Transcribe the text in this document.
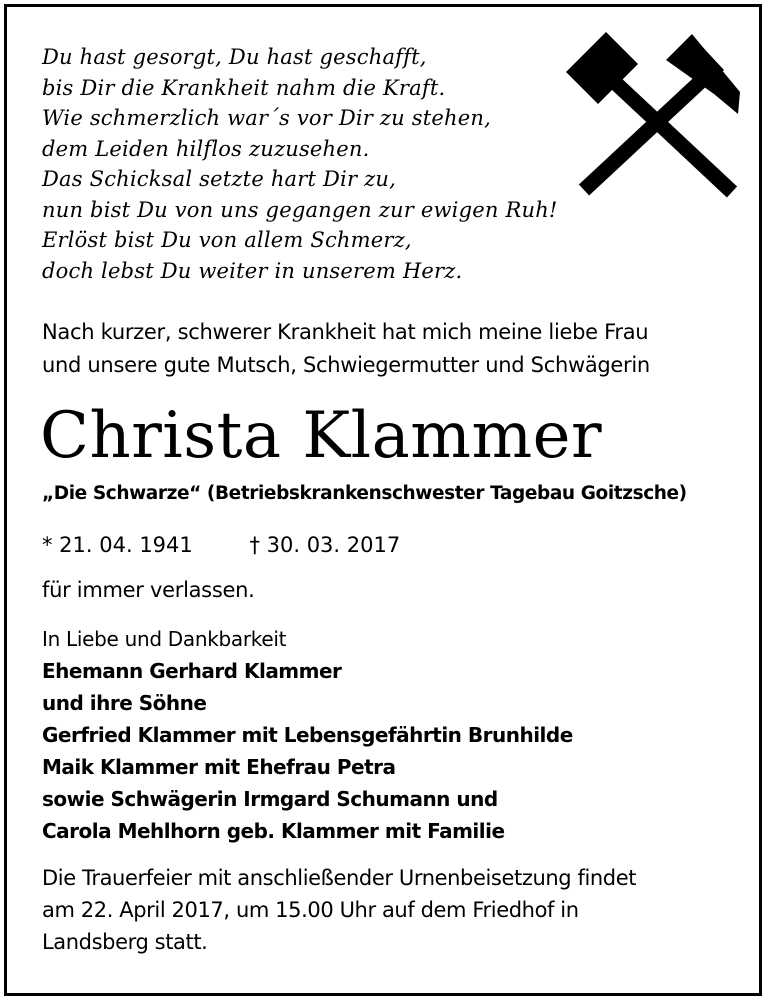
Du hast gesorgt, Du hast geschafft,
bis Dir die Krankheit nahm die Kraft.
Wie schmerzlich war´s vor Dir zu stehen,
dem Leiden hilflos zuzusehen.
Das Schicksal setzte hart Dir zu,
nun bist Du von uns gegangen zur ewigen Ruh!
Erlöst bist Du von allem Schmerz,
doch lebst Du weiter in unserem Herz.
Nach kurzer, schwerer Krankheit hat mich meine liebe Frau
und unsere gute Mutsch, Schwiegermutter und Schwägerin
Christa Klammer
„Die Schwarze“ (Betriebskrankenschwester Tagebau Goitzsche)
* 21. 04. 1941	† 30. 03. 2017
für immer verlassen.
In Liebe und Dankbarkeit
Ehemann Gerhard Klammer
und ihre Söhne
Gerfried Klammer mit Lebensgefährtin Brunhilde
Maik Klammer mit Ehefrau Petra
sowie Schwägerin Irmgard Schumann und
Carola Mehlhorn geb. Klammer mit Familie
Die Trauerfeier mit anschließender Urnenbeisetzung findet
am 22. April 2017, um 15.00 Uhr auf dem Friedhof in
Landsberg statt.
